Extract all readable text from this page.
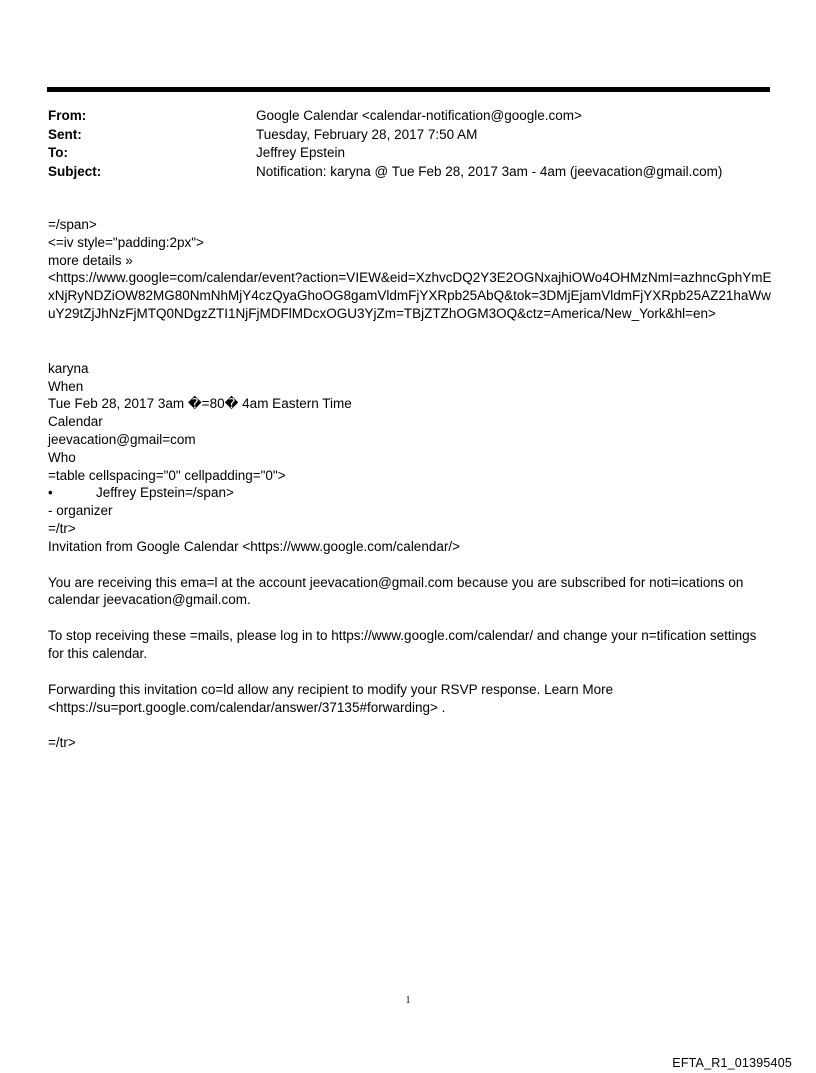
From:	Google Calendar <calendar-notification@google.com>
Sent:	Tuesday, February 28, 2017 7:50 AM
To:	Jeffrey Epstein
Subject:	Notification: karyna @ Tue Feb 28, 2017 3am - 4am (jeevacation@gmail.com)

=/span>

<=iv style="padding:2px">

more details »

<https://www.google=com/calendar/event?action=VIEW&eid=XzhvcDQ2Y3E2OGNxajhiOWo4OHMzNmI=azhncGphYmExNjRyNDZiOW82MG80NmNhMjY4czQyaGhoOG8gamVldmFjYXRpb25AbQ&tok=3DMjEjamVldmFjYXRpb25AZ21haWwuY29tZjJhNzFjMTQ0NDgzZTI1NjFjMDFlMDcxOGU3YjZm=TBjZTZhOGM3OQ&ctz=America/New_York&hl=en>

karyna

When

Tue Feb 28, 2017 3am �=80� 4am Eastern Time

Calendar

jeevacation@gmail=com

Who

=table cellspacing="0" cellpadding="0">

•	Jeffrey Epstein=/span>

- organizer

=/tr>

Invitation from Google Calendar <https://www.google.com/calendar/>

You are receiving this ema=l at the account jeevacation@gmail.com because you are subscribed for noti=ications on calendar jeevacation@gmail.com.

To stop receiving these =mails, please log in to https://www.google.com/calendar/ and change your n=tification settings for this calendar.

Forwarding this invitation co=ld allow any recipient to modify your RSVP response. Learn More <https://su=port.google.com/calendar/answer/37135#forwarding> .

=/tr>

1
EFTA_R1_01395405
